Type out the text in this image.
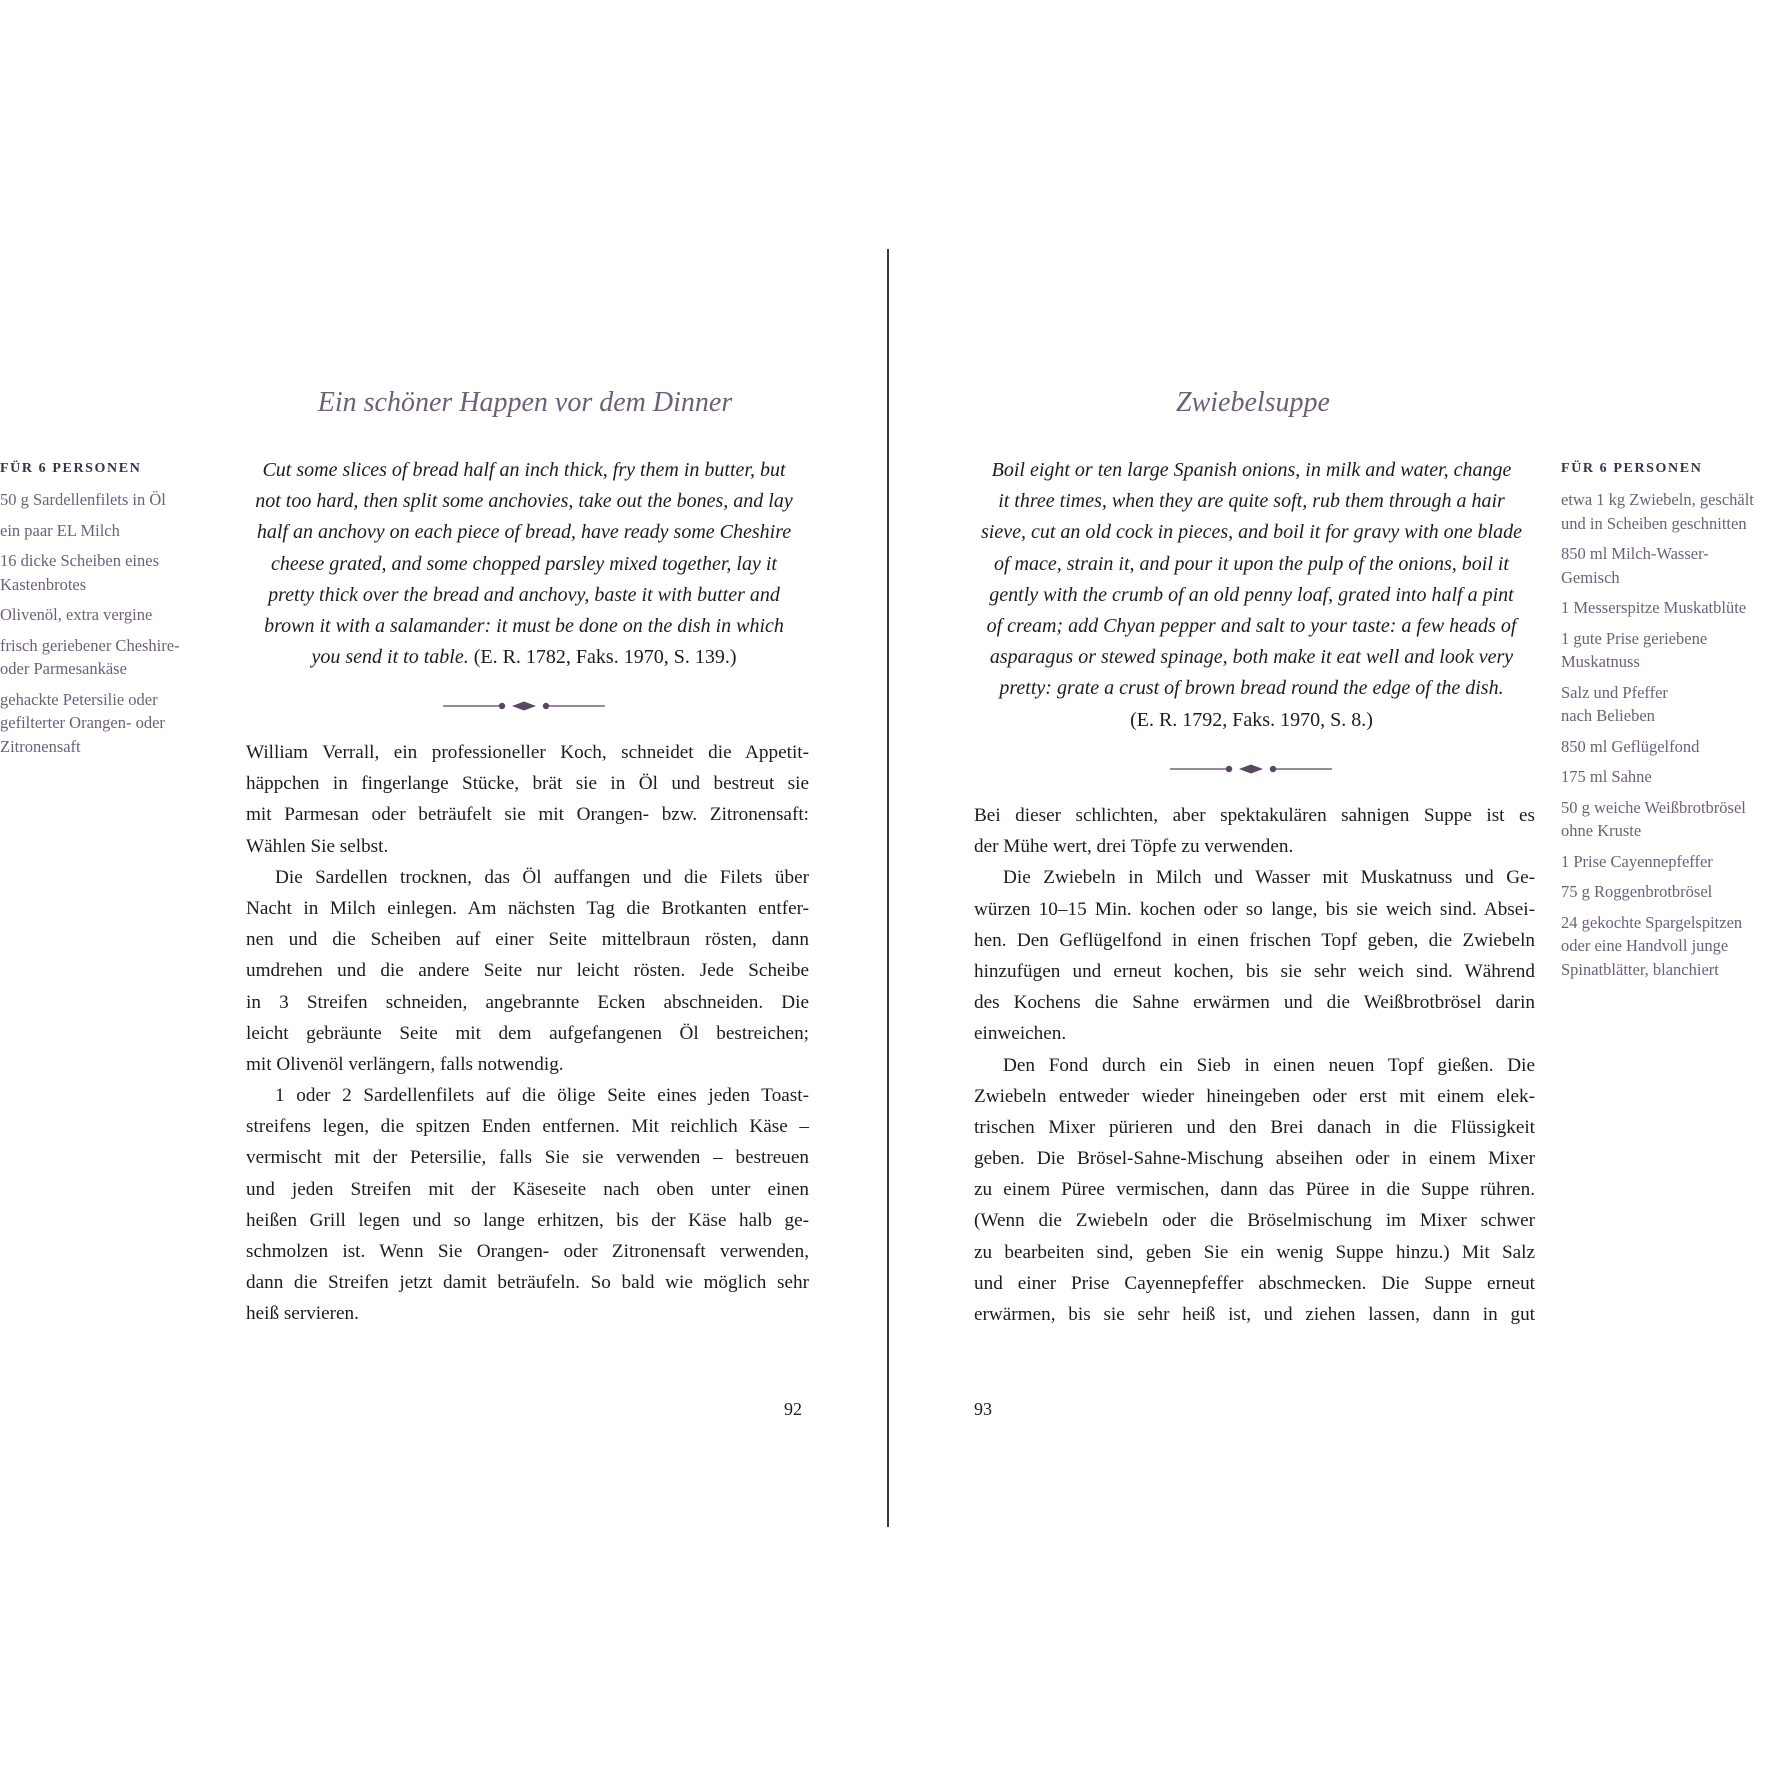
Ein schöner Happen vor dem Dinner
Cut some slices of bread half an inch thick, fry them in butter, but
not too hard, then split some anchovies, take out the bones, and lay
half an anchovy on each piece of bread, have ready some Cheshire
cheese grated, and some chopped parsley mixed together, lay it
pretty thick over the bread and anchovy, baste it with butter and
brown it with a salamander: it must be done on the dish in which
you send it to table. (E. R. 1782, Faks. 1970, S. 139.)
William Verrall, ein professioneller Koch, schneidet die Appetit-
häppchen in fingerlange Stücke, brät sie in Öl und bestreut sie
mit Parmesan oder beträufelt sie mit Orangen- bzw. Zitronensaft:
Wählen Sie selbst.
Die Sardellen trocknen, das Öl auffangen und die Filets über
Nacht in Milch einlegen. Am nächsten Tag die Brotkanten entfer-
nen und die Scheiben auf einer Seite mittelbraun rösten, dann
umdrehen und die andere Seite nur leicht rösten. Jede Scheibe
in 3 Streifen schneiden, angebrannte Ecken abschneiden. Die
leicht gebräunte Seite mit dem aufgefangenen Öl bestreichen;
mit Olivenöl verlängern, falls notwendig.
1 oder 2 Sardellenfilets auf die ölige Seite eines jeden Toast-
streifens legen, die spitzen Enden entfernen. Mit reichlich Käse –
vermischt mit der Petersilie, falls Sie sie verwenden – bestreuen
und jeden Streifen mit der Käseseite nach oben unter einen
heißen Grill legen und so lange erhitzen, bis der Käse halb ge-
schmolzen ist. Wenn Sie Orangen- oder Zitronensaft verwenden,
dann die Streifen jetzt damit beträufeln. So bald wie möglich sehr
heiß servieren.

FÜR 6 PERSONEN

50 g Sardellenfilets in Öl
ein paar EL Milch
16 dicke Scheiben eines
Kastenbrotes
Olivenöl, extra vergine
frisch geriebener Cheshire-
oder Parmesankäse
gehackte Petersilie oder
gefilterter Orangen- oder
Zitronensaft
92
Zwiebelsuppe
Boil eight or ten large Spanish onions, in milk and water, change
it three times, when they are quite soft, rub them through a hair
sieve, cut an old cock in pieces, and boil it for gravy with one blade
of mace, strain it, and pour it upon the pulp of the onions, boil it
gently with the crumb of an old penny loaf, grated into half a pint
of cream; add Chyan pepper and salt to your taste: a few heads of
asparagus or stewed spinage, both make it eat well and look very
pretty: grate a crust of brown bread round the edge of the dish.
(E. R. 1792, Faks. 1970, S. 8.)
Bei dieser schlichten, aber spektakulären sahnigen Suppe ist es
der Mühe wert, drei Töpfe zu verwenden.
Die Zwiebeln in Milch und Wasser mit Muskatnuss und Ge-
würzen 10–15 Min. kochen oder so lange, bis sie weich sind. Absei-
hen. Den Geflügelfond in einen frischen Topf geben, die Zwiebeln
hinzufügen und erneut kochen, bis sie sehr weich sind. Während
des Kochens die Sahne erwärmen und die Weißbrotbrösel darin
einweichen.
Den Fond durch ein Sieb in einen neuen Topf gießen. Die
Zwiebeln entweder wieder hineingeben oder erst mit einem elek-
trischen Mixer pürieren und den Brei danach in die Flüssigkeit
geben. Die Brösel-Sahne-Mischung abseihen oder in einem Mixer
zu einem Püree vermischen, dann das Püree in die Suppe rühren.
(Wenn die Zwiebeln oder die Bröselmischung im Mixer schwer
zu bearbeiten sind, geben Sie ein wenig Suppe hinzu.) Mit Salz
und einer Prise Cayennepfeffer abschmecken. Die Suppe erneut
erwärmen, bis sie sehr heiß ist, und ziehen lassen, dann in gut

FÜR 6 PERSONEN

etwa 1 kg Zwiebeln, geschält
und in Scheiben geschnitten
850 ml Milch-Wasser-
Gemisch
1 Messerspitze Muskatblüte
1 gute Prise geriebene
Muskatnuss
Salz und Pfeffer
nach Belieben
850 ml Geflügelfond
175 ml Sahne
50 g weiche Weißbrotbrösel
ohne Kruste
1 Prise Cayennepfeffer
75 g Roggenbrotbrösel
24 gekochte Spargelspitzen
oder eine Handvoll junge
Spinatblätter, blanchiert
93
